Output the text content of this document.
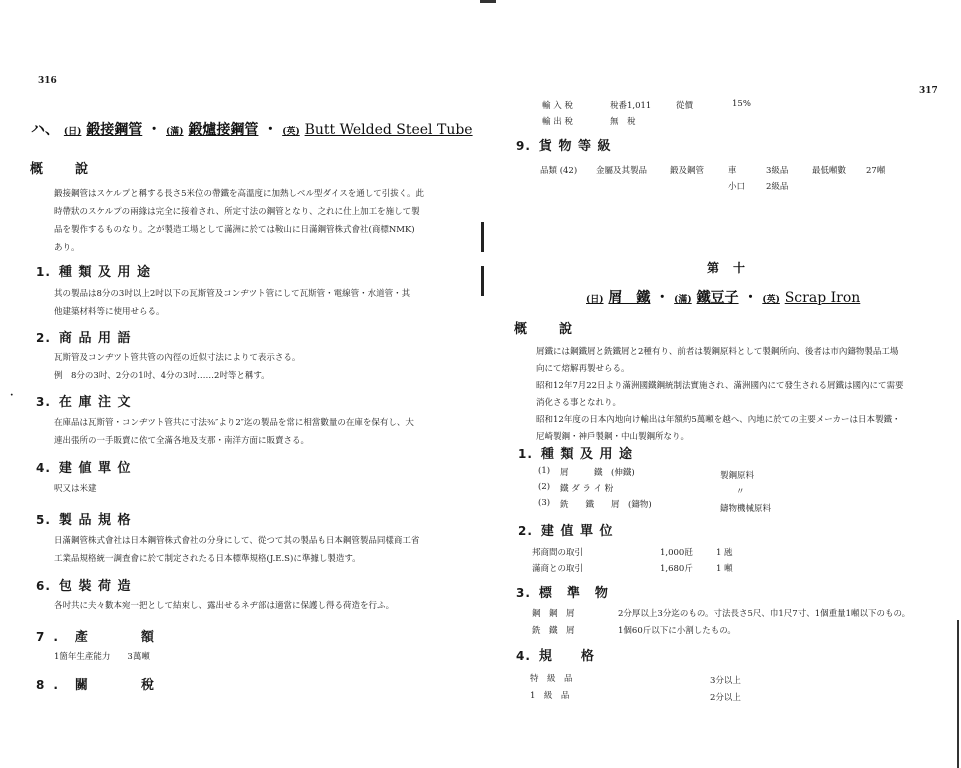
316
ハ、 (日) 鍛接鋼管 ・ (滿) 鍛爐接鋼管 ・ (英) Butt Welded Steel Tube
概　　說
鍛接鋼管はスケルプと稱する長さ5米位の帶鐵を高溫度に加熱しベル型ダイスを通して引拔く。此
時帶狀のスケルプの兩緣は完全に接着され、所定寸法の鋼管となり、之れに仕上加工を施して製
品を製作するものなり。之が製造工場として滿洲に於ては鞍山に日滿鋼管株式會社(商標NMK)
あり。
1. 種 類 及 用 途
其の製品は8分の3吋以上2吋以下の瓦斯管及コンヂツト管にして瓦斯管・電線管・水道管・其
他建築材料等に使用せらる。
2. 商 品 用 語
瓦斯管及コンヂツト管共管の內徑の近似寸法によりて表示さる。
例　8分の3吋、2分の1吋、4分の3吋……2吋等と稱す。
· 3. 在 庫 注 文
在庫品は瓦斯管・コンヂツト管共に寸法⅜″より2″迄の製品を常に相當數量の在庫を保有し、大
連出張所の一手販賣に依て全滿各地及支那・南洋方面に販賣さる。
4. 建 値 單 位
呎又は米建
5. 製 品 規 格
日滿鋼管株式會社は日本鋼管株式會社の分身にして、從つて其の製品も日本鋼管製品同樣商工省
工業品規格統一調査會に於て制定されたる日本標準規格(J.E.S)に準據し製造す。
6. 包 裝 荷 造
各吋共に夫々數本宛一把として結束し、露出せるネヂ部は適當に保護し得る荷造を行ふ。
7. 產　　額
1箇年生產能力　　3萬噸
8. 關　　稅
317
輸 入 稅	稅番1,011	從價	15%
輸 出 稅	無　稅
9. 貨 物 等 級
品類 (42) 金屬及其製品	鍛及鋼管	車	3級品	最低噸數 27噸
小口 2級品
第　十
(日) 屑　鐵 ・ (滿) 鐵豆子 ・ (英) Scrap Iron
概　　說
屑鐵には鋼鐵屑と銑鐵屑と2種有り、前者は製鋼原料として製鋼所向、後者は市內鑄物製品工場
向にて熔解再製せらる。
昭和12年7月22日より滿洲國鐵鋼統制法實施され、滿洲國內にて發生される屑鐵は國內にて需要
消化さる事となれり。
昭和12年度の日本內地向け輸出は年額約5萬噸を越へ、內地に於ての主要メーカーは日本製鐵・
尼崎製鋼・神戶製鋼・中山製鋼所なり。
1. 種 類 及 用 途
(1) 屑　　　鐵　(伸鐵)	製鋼原料
(2) 鐵 ダ ラ イ 粉	〃
(3) 銑　　鐵　　屑　(鑄物)	鑄物機械原料
2. 建 值 單 位
邦商間の取引	1,000瓩	1 瓲
滿商との取引	1,680斤	1 噸
3. 標　準　物
鋼　鋼　屑	2分厚以上3分迄のもの。寸法長さ5尺、巾1尺7寸、1個重量1噸以下のもの。
銑　鐵　屑	1個60斤以下に小割したもの。
4. 規　　格
特　級　品	3分以上
1　級　品	2分以上
